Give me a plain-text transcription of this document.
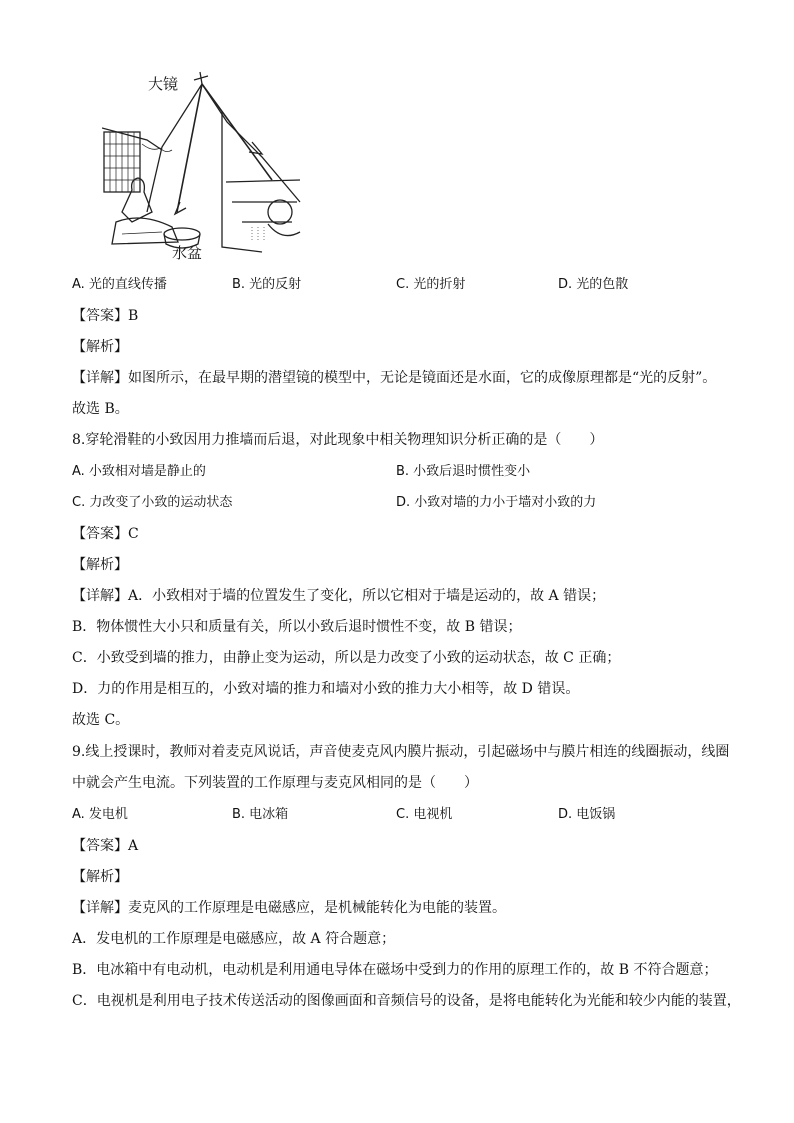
大镜
水盆
A. 光的直线传播	B. 光的反射	C. 光的折射	D. 光的色散
【答案】B
【解析】
【详解】如图所示，在最早期的潜望镜的模型中，无论是镜面还是水面，它的成像原理都是“光的反射”。
故选 B。
8.穿轮滑鞋的小致因用力推墙而后退，对此现象中相关物理知识分析正确的是（　　）
A. 小致相对墙是静止的	B. 小致后退时惯性变小
C. 力改变了小致的运动状态	D. 小致对墙的力小于墙对小致的力
【答案】C
【解析】
【详解】A．小致相对于墙的位置发生了变化，所以它相对于墙是运动的，故 A 错误；
B．物体惯性大小只和质量有关，所以小致后退时惯性不变，故 B 错误；
C．小致受到墙的推力，由静止变为运动，所以是力改变了小致的运动状态，故 C 正确；
D．力的作用是相互的，小致对墙的推力和墙对小致的推力大小相等，故 D 错误。
故选 C。
9.线上授课时，教师对着麦克风说话，声音使麦克风内膜片振动，引起磁场中与膜片相连的线圈振动，线圈
中就会产生电流。下列装置的工作原理与麦克风相同的是（　　）
A. 发电机	B. 电冰箱	C. 电视机	D. 电饭锅
【答案】A
【解析】
【详解】麦克风的工作原理是电磁感应，是机械能转化为电能的装置。
A．发电机的工作原理是电磁感应，故 A 符合题意；
B．电冰箱中有电动机，电动机是利用通电导体在磁场中受到力的作用的原理工作的，故 B 不符合题意；
C．电视机是利用电子技术传送活动的图像画面和音频信号的设备，是将电能转化为光能和较少内能的装置，
